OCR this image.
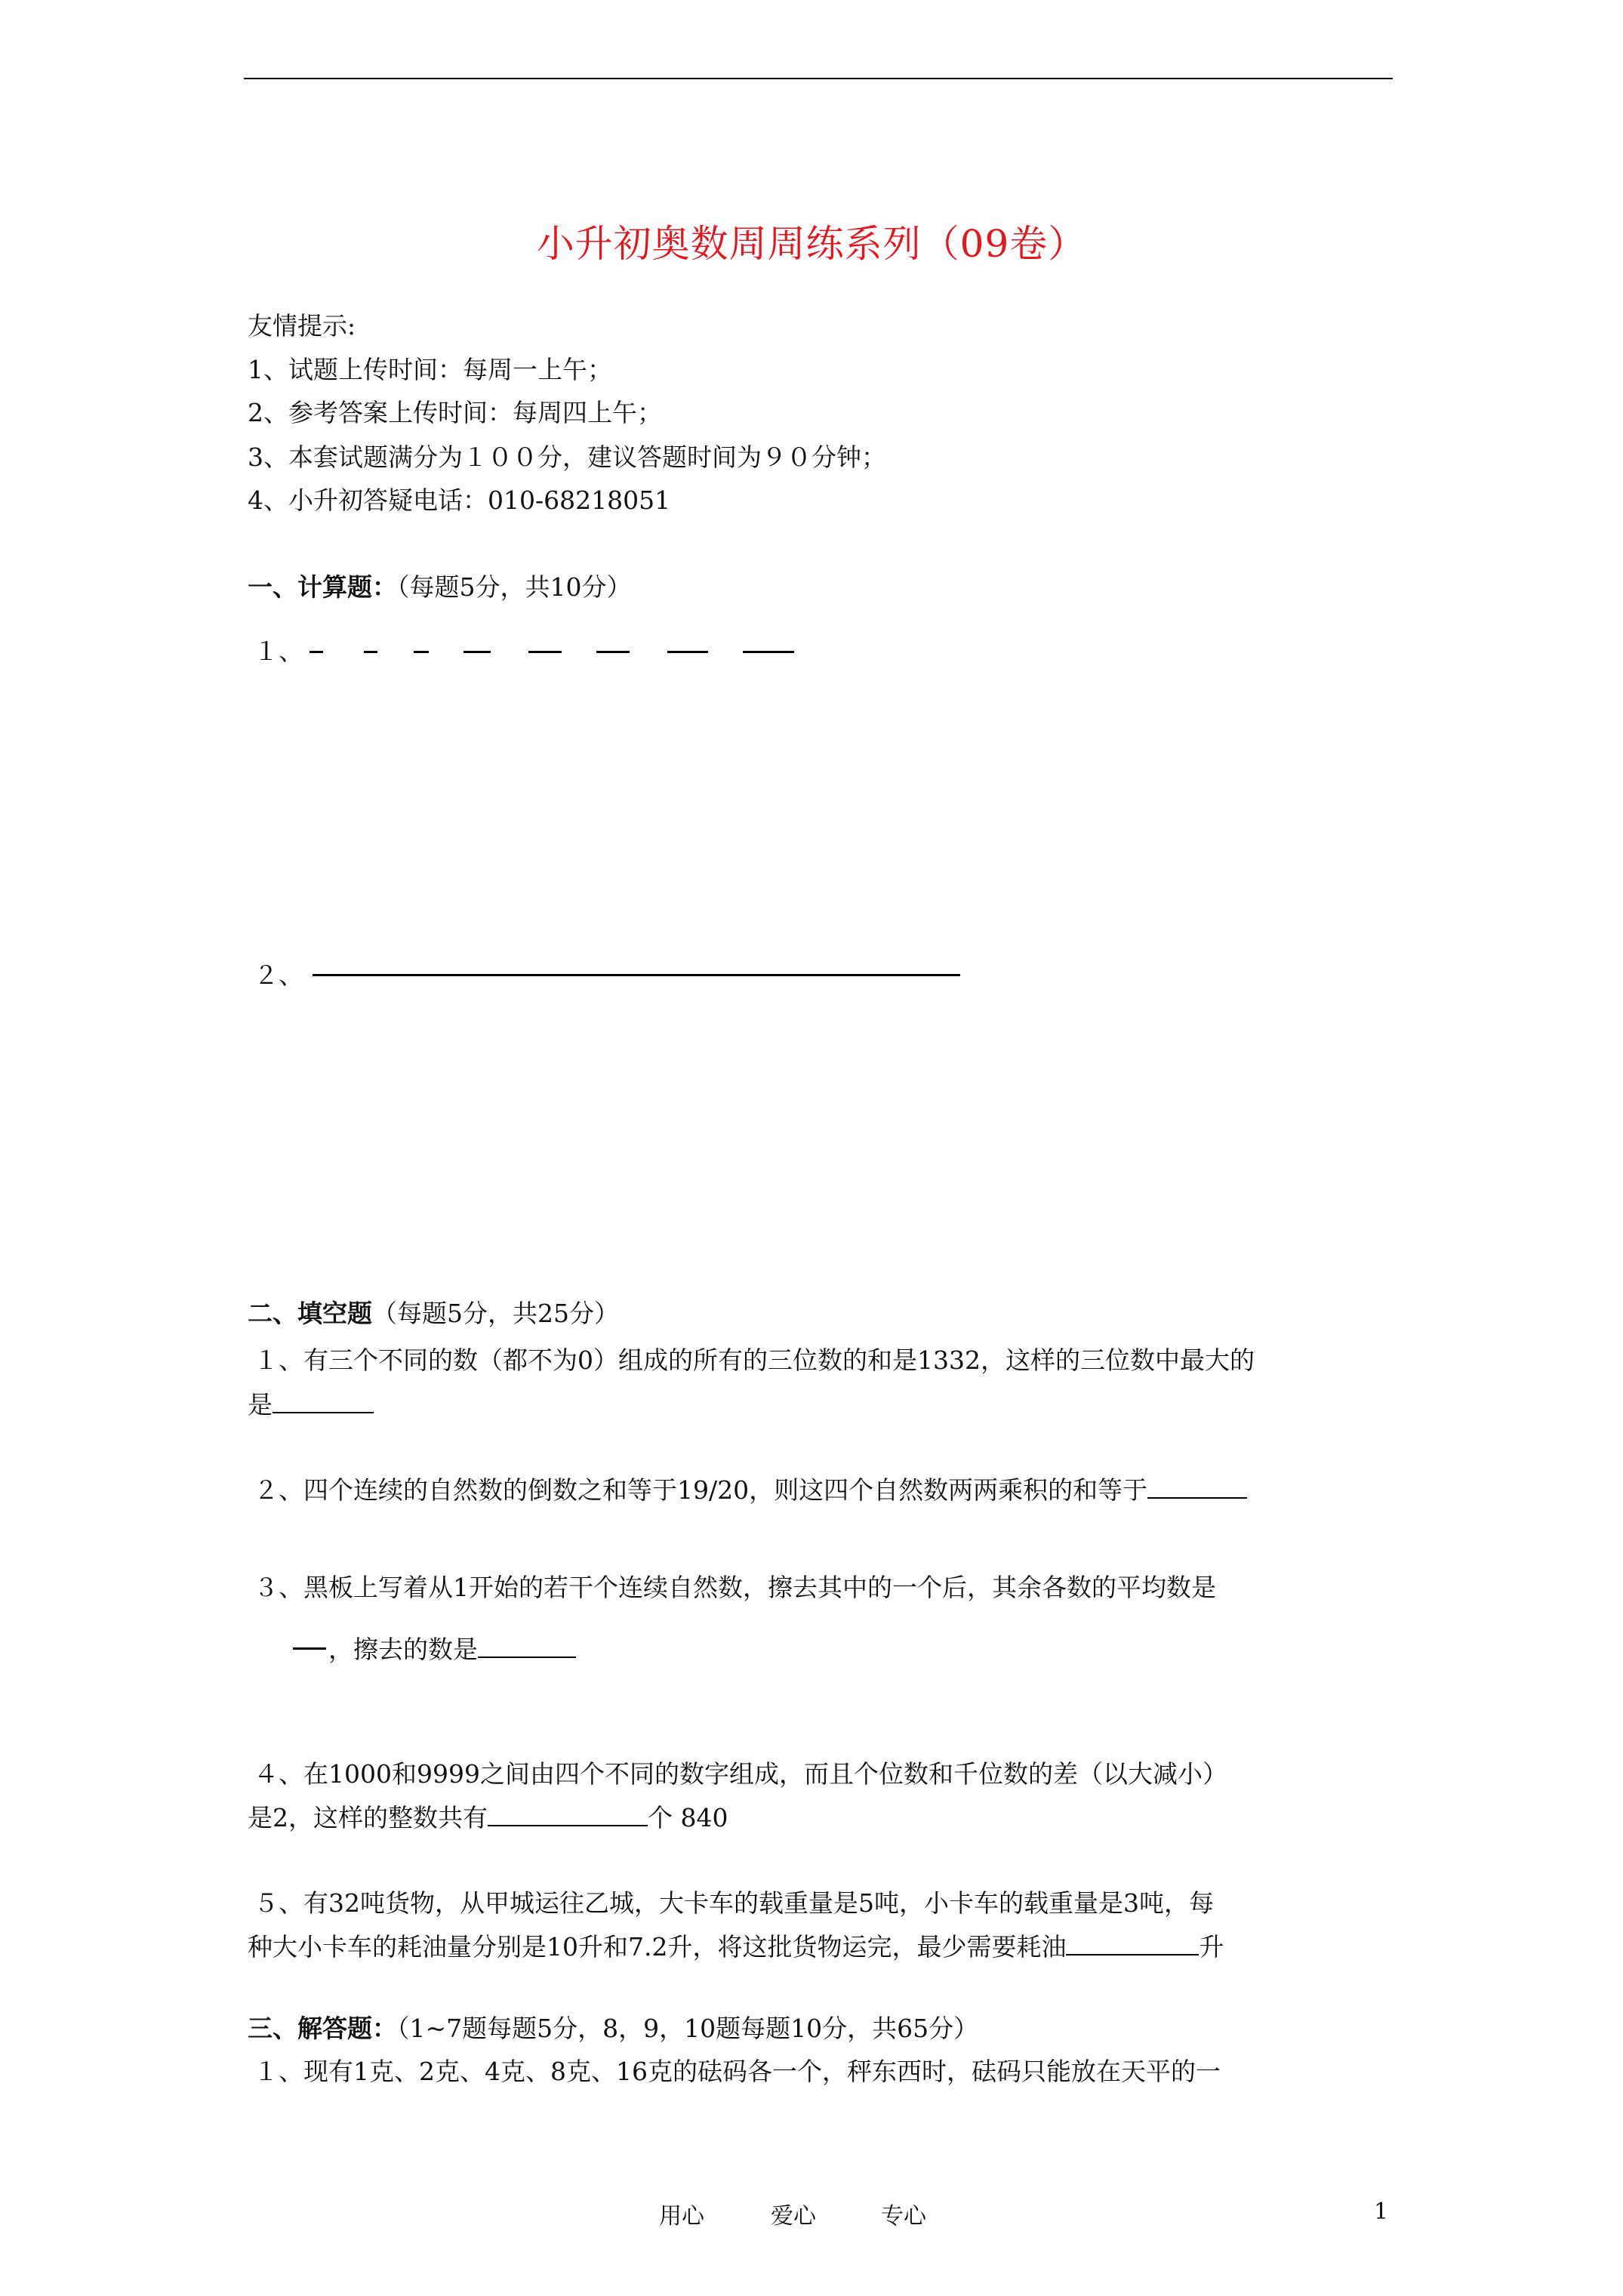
小升初奥数周周练系列（09卷）
友情提示:
1、试题上传时间：每周一上午；
2、参考答案上传时间：每周四上午；
3、本套试题满分为１００分，建议答题时间为９０分钟；
4、小升初答疑电话：010-68218051
一、计算题：（每题5分，共10分）
１、
２、
二、填空题（每题5分，共25分）
１、有三个不同的数（都不为0）组成的所有的三位数的和是1332，这样的三位数中最大的
是
２、四个连续的自然数的倒数之和等于19/20，则这四个自然数两两乘积的和等于
３、黑板上写着从1开始的若干个连续自然数，擦去其中的一个后，其余各数的平均数是
，擦去的数是
４、在1000和9999之间由四个不同的数字组成，而且个位数和千位数的差（以大减小）
是2，这样的整数共有	个 840
５、有32吨货物，从甲城运往乙城，大卡车的载重量是5吨，小卡车的载重量是3吨，每
种大小卡车的耗油量分别是10升和7.2升，将这批货物运完，最少需要耗油	升
三、解答题：（1~7题每题5分，8，9，10题每题10分，共65分）
１、现有1克、2克、4克、8克、16克的砝码各一个，秤东西时，砝码只能放在天平的一
用心	爱心	专心	1
